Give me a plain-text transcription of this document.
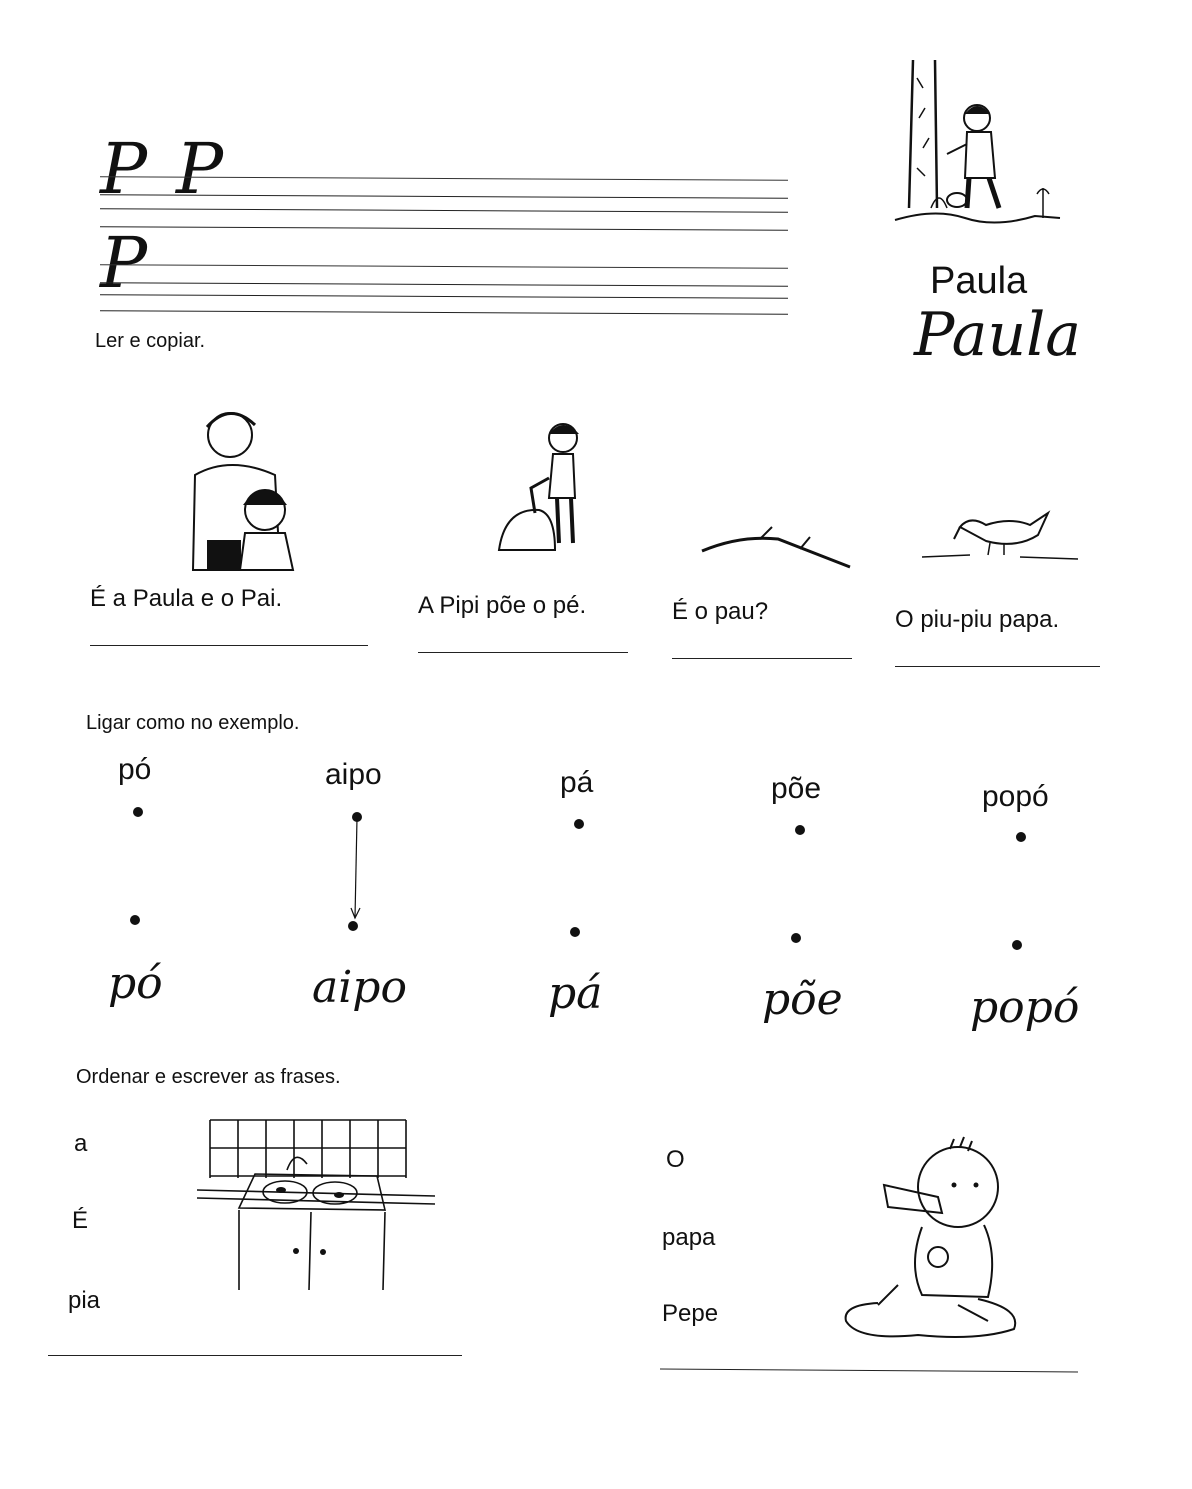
P P
P
Ler e copiar.
Paula
Paula
É a Paula e o Pai.	A Pipi põe o pé.	É o pau?	O piu-piu papa.
Ligar como no exemplo.
pó
pó
aipo
aipo
pá
pá
põe
põe
popó
popó
Ordenar e escrever as frases.
a
É
pia
O
papa
Pepe
